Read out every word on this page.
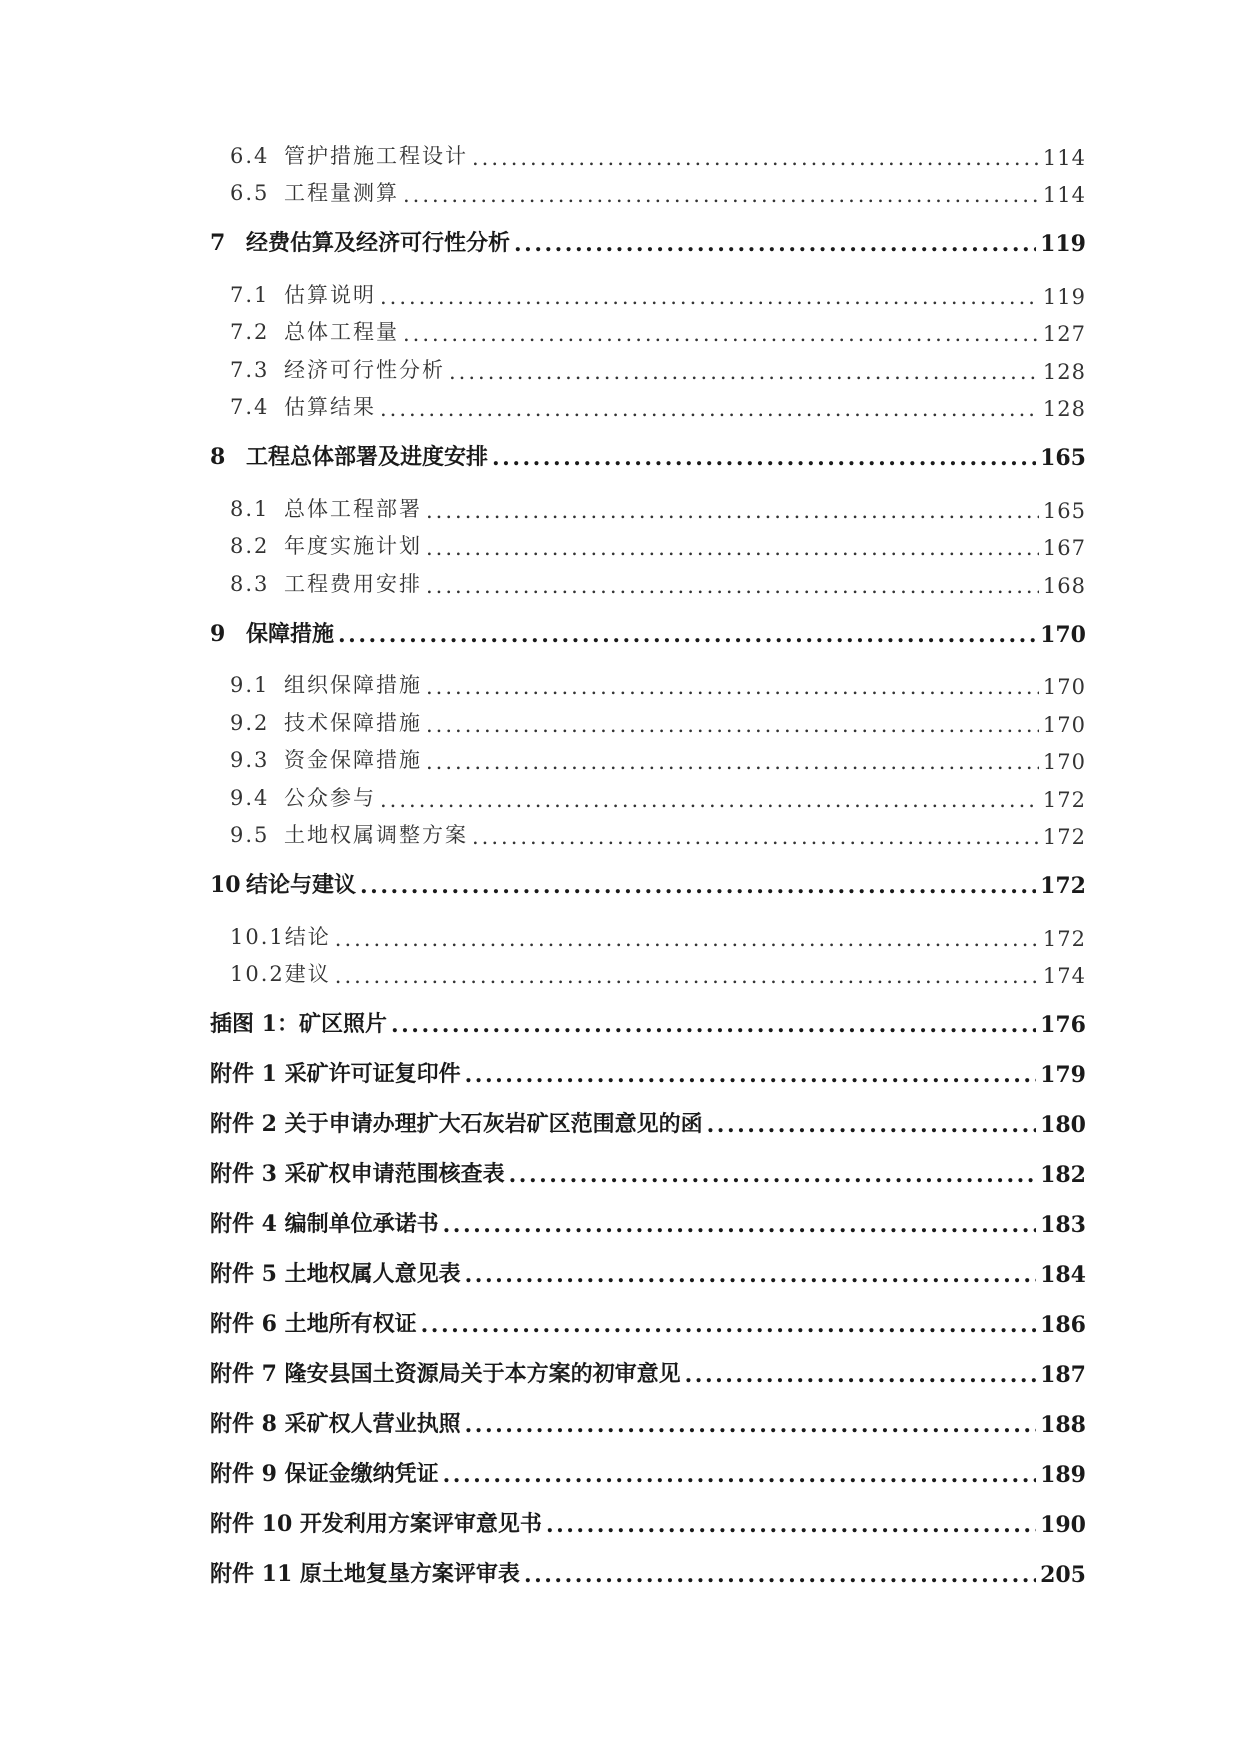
6.4 管护措施工程设计 .....	114
6.5 工程量测算 .....	114
7 经费估算及经济可行性分析 .....	119
7.1 估算说明 .....	119
7.2 总体工程量 .....	127
7.3 经济可行性分析 .....	128
7.4 估算结果 .....	128
8 工程总体部署及进度安排 .....	165
8.1 总体工程部署 .....	165
8.2 年度实施计划 .....	167
8.3 工程费用安排 .....	168
9 保障措施 .....	170
9.1 组织保障措施 .....	170
9.2 技术保障措施 .....	170
9.3 资金保障措施 .....	170
9.4 公众参与 .....	172
9.5 土地权属调整方案 .....	172
10 结论与建议 .....	172
10.1结论 .....	172
10.2建议 .....	174
插图 1：矿区照片 .....	176
附件 1 采矿许可证复印件 .....	179
附件 2 关于申请办理扩大石灰岩矿区范围意见的函 .....	180
附件 3 采矿权申请范围核查表 .....	182
附件 4 编制单位承诺书 .....	183
附件 5 土地权属人意见表 .....	184
附件 6 土地所有权证 .....	186
附件 7 隆安县国土资源局关于本方案的初审意见 .....	187
附件 8 采矿权人营业执照 .....	188
附件 9 保证金缴纳凭证 .....	189
附件 10 开发利用方案评审意见书 .....	190
附件 11 原土地复垦方案评审表 .....	205
